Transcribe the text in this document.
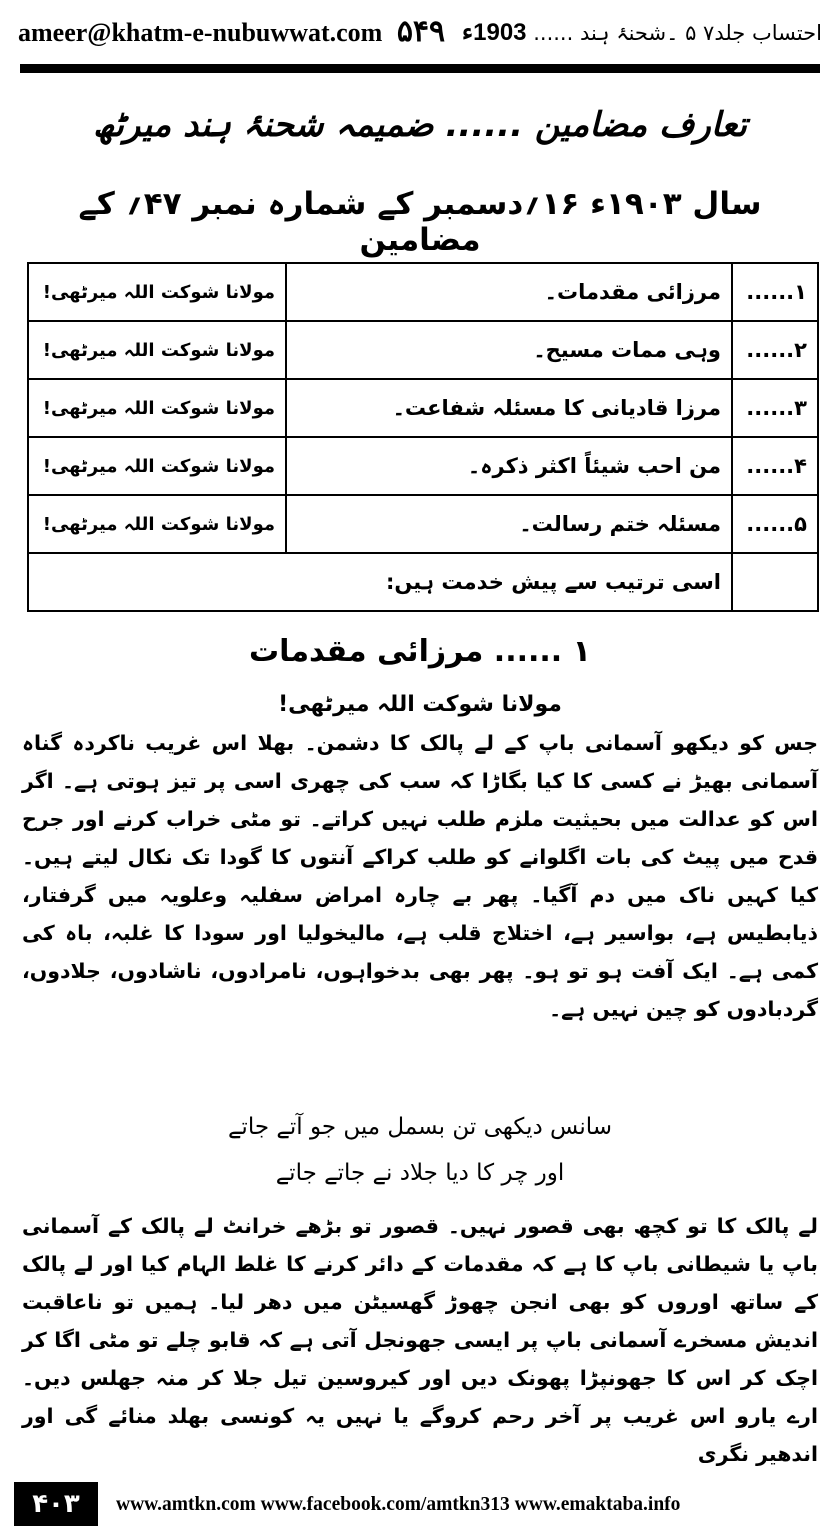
ameer@khatm-e-nubuwwat.com ۵۴۹	احتساب جلد۷ ۵ ۔شحنۂ ہند ...... 1903ء
تعارف مضامین ...... ضمیمہ شحنۂ ہند میرٹھ
سال ۱۹۰۳ء ۱۶؍دسمبر کے شمارہ نمبر ۴۷؍ کے مضامین
۱......	مرزائی مقدمات۔	مولانا شوکت اللہ میرٹھی!
۲......	وہی ممات مسیح۔	مولانا شوکت اللہ میرٹھی!
۳......	مرزا قادیانی کا مسئلہ شفاعت۔	مولانا شوکت اللہ میرٹھی!
۴......	من احب شیئاً اکثر ذکرہ۔	مولانا شوکت اللہ میرٹھی!
۵......	مسئلہ ختم رسالت۔	مولانا شوکت اللہ میرٹھی!
	اسی ترتیب سے پیش خدمت ہیں:	
۱ ...... مرزائی مقدمات
مولانا شوکت اللہ میرٹھی!

جس کو دیکھو آسمانی باپ کے لے پالک کا دشمن۔ بھلا اس غریب ناکردہ گناہ آسمانی بھیڑ نے کسی کا کیا بگاڑا کہ سب کی چھری اسی پر تیز ہوتی ہے۔ اگر اس کو عدالت میں بحیثیت ملزم طلب نہیں کراتے۔ تو مٹی خراب کرنے اور جرح قدح میں پیٹ کی بات اگلوانے کو طلب کراکے آنتوں کا گودا تک نکال لیتے ہیں۔ کیا کہیں ناک میں دم آگیا۔ پھر بے چارہ امراض سفلیہ وعلویہ میں گرفتار، ذیابطیس ہے، بواسیر ہے، اختلاج قلب ہے، مالیخولیا اور سودا کا غلبہ، باہ کی کمی ہے۔ ایک آفت ہو تو ہو۔ پھر بھی بدخواہوں، نامرادوں، ناشادوں، جلادوں، گردبادوں کو چین نہیں ہے۔

سانس دیکھی تن بسمل میں جو آتے جاتے
اور چر کا دیا جلاد نے جاتے جاتے

لے پالک کا تو کچھ بھی قصور نہیں۔ قصور تو بڑھے خرانٹ لے پالک کے آسمانی باپ یا شیطانی باپ کا ہے کہ مقدمات کے دائر کرنے کا غلط الہام کیا اور لے پالک کے ساتھ اوروں کو بھی انجن چھوڑ گھسیٹن میں دھر لیا۔ ہمیں تو ناعاقبت اندیش مسخرے آسمانی باپ پر ایسی جھونجل آتی ہے کہ قابو چلے تو مٹی اگا کر اچک کر اس کا جھونپڑا پھونک دیں اور کیروسین تیل جلا کر منہ جھلس دیں۔ ارے یارو اس غریب پر آخر رحم کروگے یا نہیں یہ کونسی بھلد منائے گی اور اندھیر نگری

۴۰۳	www.amtkn.com www.facebook.com/amtkn313 www.emaktaba.info
